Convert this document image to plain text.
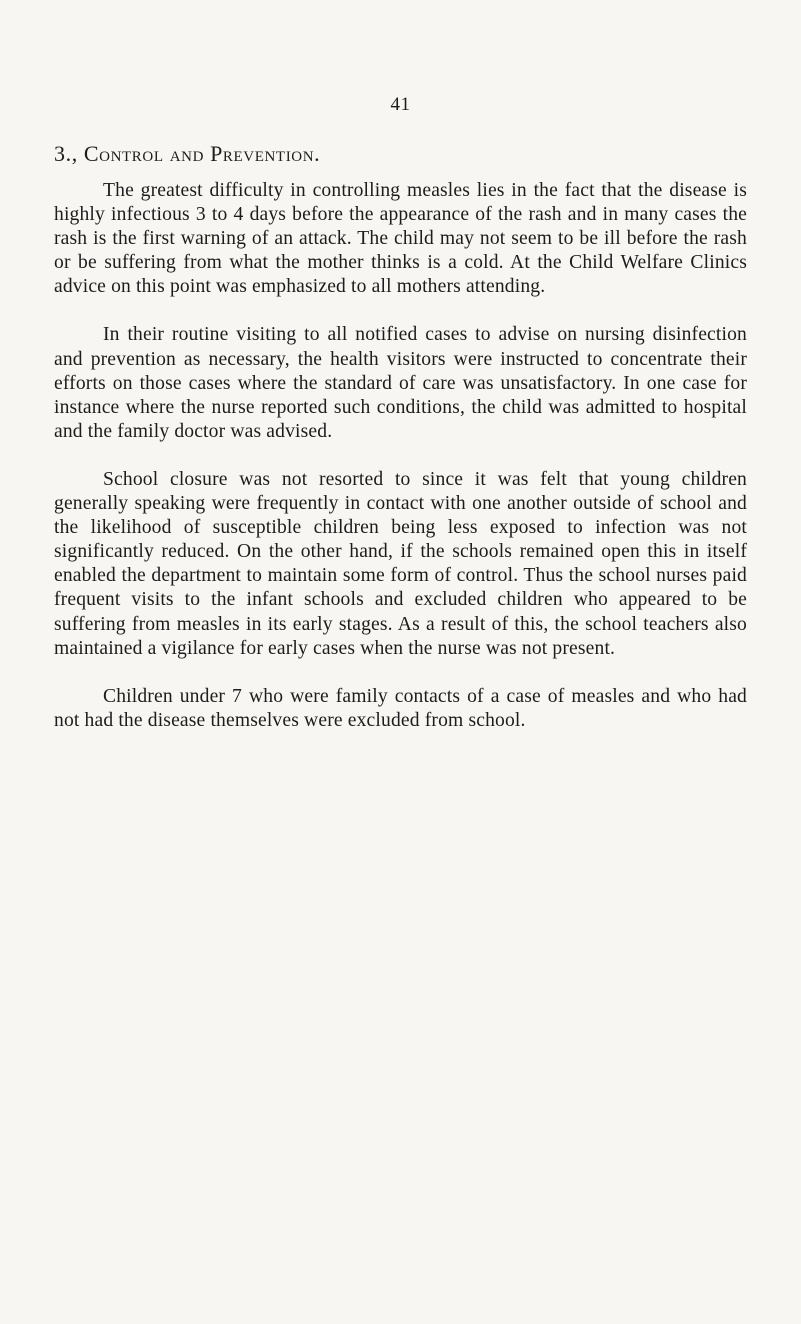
41
3., Control and Prevention.

The greatest difficulty in controlling measles lies in the fact that the disease is highly infectious 3 to 4 days before the appearance of the rash and in many cases the rash is the first warning of an attack. The child may not seem to be ill before the rash or be suffering from what the mother thinks is a cold. At the Child Welfare Clinics advice on this point was emphasized to all mothers attending.

In their routine visiting to all notified cases to advise on nursing disinfection and prevention as necessary, the health visitors were instructed to concentrate their efforts on those cases where the standard of care was unsatisfactory. In one case for instance where the nurse reported such conditions, the child was admitted to hospital and the family doctor was advised.

School closure was not resorted to since it was felt that young children generally speaking were frequently in contact with one another outside of school and the likelihood of susceptible children being less exposed to infection was not significantly reduced. On the other hand, if the schools remained open this in itself enabled the department to maintain some form of control. Thus the school nurses paid frequent visits to the infant schools and excluded children who appeared to be suffering from measles in its early stages. As a result of this, the school teachers also maintained a vigilance for early cases when the nurse was not present.

Children under 7 who were family contacts of a case of measles and who had not had the disease themselves were excluded from school.
